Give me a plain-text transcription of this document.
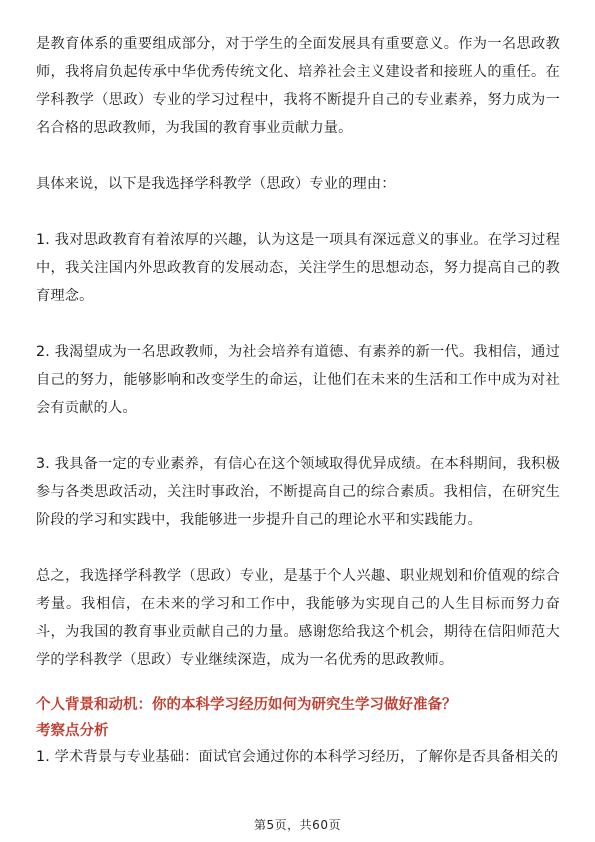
是教育体系的重要组成部分，对于学生的全面发展具有重要意义。作为一名思政教师，我将肩负起传承中华优秀传统文化、培养社会主义建设者和接班人的重任。在学科教学（思政）专业的学习过程中，我将不断提升自己的专业素养，努力成为一名合格的思政教师，为我国的教育事业贡献力量。

具体来说，以下是我选择学科教学（思政）专业的理由：

1. 我对思政教育有着浓厚的兴趣，认为这是一项具有深远意义的事业。在学习过程中，我关注国内外思政教育的发展动态，关注学生的思想动态，努力提高自己的教育理念。

2. 我渴望成为一名思政教师，为社会培养有道德、有素养的新一代。我相信，通过自己的努力，能够影响和改变学生的命运，让他们在未来的生活和工作中成为对社会有贡献的人。

3. 我具备一定的专业素养，有信心在这个领域取得优异成绩。在本科期间，我积极参与各类思政活动，关注时事政治，不断提高自己的综合素质。我相信，在研究生阶段的学习和实践中，我能够进一步提升自己的理论水平和实践能力。

总之，我选择学科教学（思政）专业，是基于个人兴趣、职业规划和价值观的综合考量。我相信，在未来的学习和工作中，我能够为实现自己的人生目标而努力奋斗，为我国的教育事业贡献自己的力量。感谢您给我这个机会，期待在信阳师范大学的学科教学（思政）专业继续深造，成为一名优秀的思政教师。

个人背景和动机：你的本科学习经历如何为研究生学习做好准备？

考察点分析

1. 学术背景与专业基础：面试官会通过你的本科学习经历，了解你是否具备相关的

第5页，共60页
